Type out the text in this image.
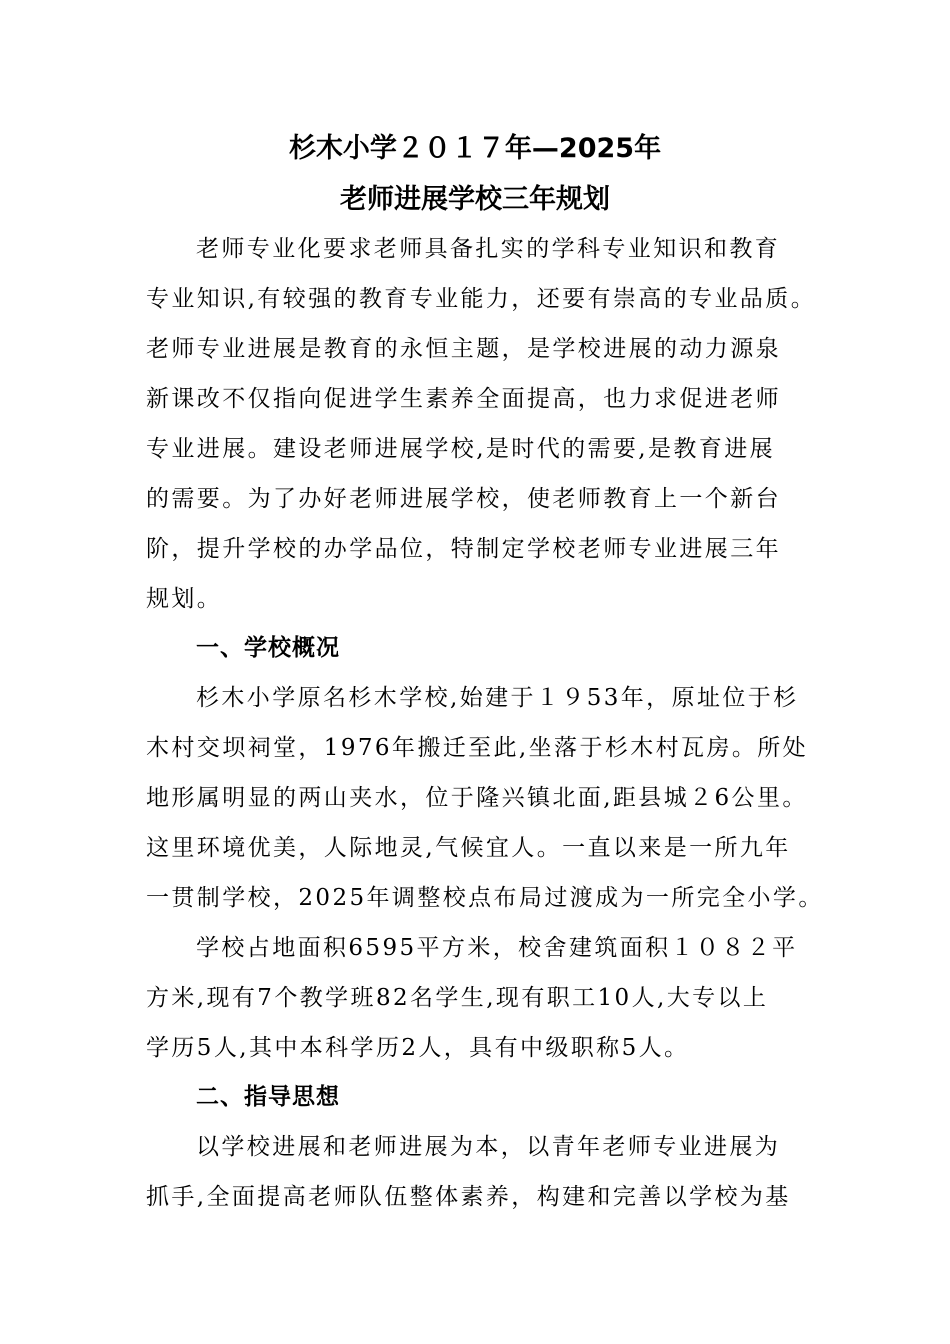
杉木小学２０１７年—2025年
老师进展学校三年规划

老师专业化要求老师具备扎实的学科专业知识和教育

专业知识,有较强的教育专业能力，还要有崇高的专业品质。

老师专业进展是教育的永恒主题，是学校进展的动力源泉

新课改不仅指向促进学生素养全面提高，也力求促进老师

专业进展。建设老师进展学校,是时代的需要,是教育进展

的需要。为了办好老师进展学校，使老师教育上一个新台

阶，提升学校的办学品位，特制定学校老师专业进展三年

规划。

一、学校概况

杉木小学原名杉木学校,始建于１９53年，原址位于杉

木村交坝祠堂，1976年搬迁至此,坐落于杉木村瓦房。所处

地形属明显的两山夹水，位于隆兴镇北面,距县城２6公里。

这里环境优美，人际地灵,气候宜人。一直以来是一所九年

一贯制学校，2025年调整校点布局过渡成为一所完全小学。

学校占地面积6595平方米，校舍建筑面积１０８２平

方米,现有7个教学班82名学生,现有职工10人,大专以上

学历5人,其中本科学历2人，具有中级职称5人。

二、指导思想

以学校进展和老师进展为本，以青年老师专业进展为

抓手,全面提高老师队伍整体素养，构建和完善以学校为基
